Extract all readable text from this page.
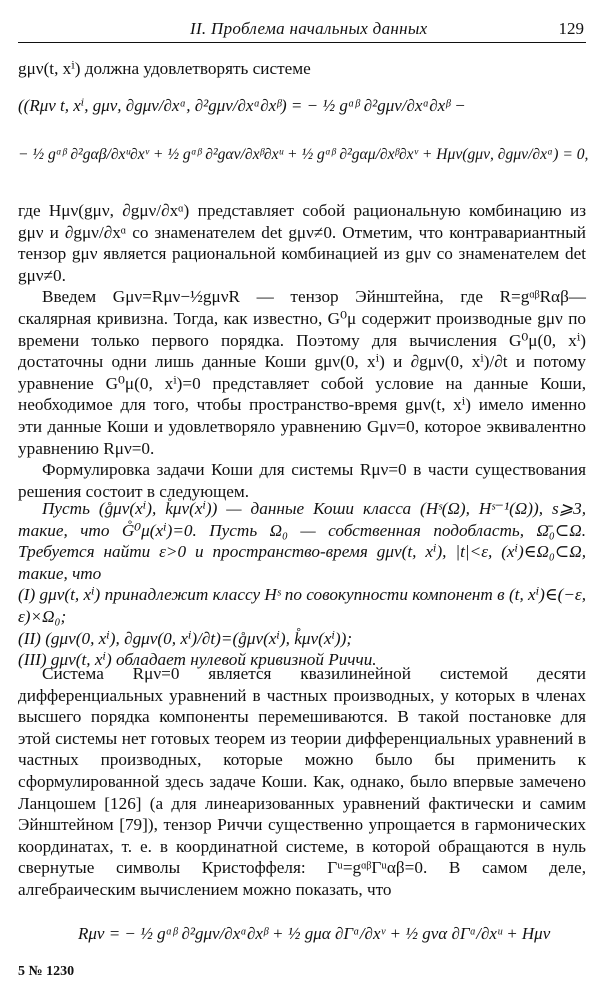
II. Проблема начальных данных	129

gμν(t, xⁱ) должна удовлетворять системе

((Rμν t, xⁱ, gμν, ∂gμν/∂xᵅ, ∂²gμν/∂xᵅ∂xᵝ) = − ½ gᵅᵝ ∂²gμν/∂xᵅ∂xᵝ −
− ½ gᵅᵝ ∂²gαβ/∂xᵘ∂xᵛ + ½ gᵅᵝ ∂²gαν/∂xᵝ∂xᵘ + ½ gᵅᵝ ∂²gαμ/∂xᵝ∂xᵛ + Hμν(gμν, ∂gμν/∂xᵅ) = 0,

где Hμν(gμν, ∂gμν/∂xᵅ) представляет собой рациональную комбинацию из gμν и ∂gμν/∂xᵅ со знаменателем det gμν≠0. Отметим, что контравариантный тензор gμν является рациональной комбинацией из gμν со знаменателем det gμν≠0.

Введем Gμν=Rμν−½gμνR — тензор Эйнштейна, где R=gᵅᵝRαβ— скалярная кривизна. Тогда, как известно, G⁰μ содержит производные gμν по времени только первого порядка. Поэтому для вычисления G⁰μ(0, xⁱ) достаточны одни лишь данные Коши gμν(0, xⁱ) и ∂gμν(0, xⁱ)/∂t и потому уравнение G⁰μ(0, xⁱ)=0 представляет собой условие на данные Коши, необходимое для того, чтобы пространство-время gμν(t, xⁱ) имело именно эти данные Коши и удовлетворяло уравнению Gμν=0, которое эквивалентно уравнению Rμν=0.

Формулировка задачи Коши для системы Rμν=0 в части существования решения состоит в следующем.

Пусть (g̊μν(xⁱ), k̊μν(xⁱ)) — данные Коши класса (Hˢ(Ω), Hˢ⁻¹(Ω)), s⩾3, такие, что G̊⁰μ(xⁱ)=0. Пусть Ω₀ — собственная подобласть, Ω̄₀⊂Ω. Требуется найти ε>0 и пространство-время gμν(t, xⁱ), |t|<ε, (xⁱ)∈Ω₀⊂Ω, такие, что

(I) gμν(t, xⁱ) принадлежит классу Hˢ по совокупности компонент в (t, xⁱ)∈(−ε, ε)×Ω₀;

(II) (gμν(0, xⁱ), ∂gμν(0, xⁱ)/∂t)=(g̊μν(xⁱ), k̊μν(xⁱ));

(III) gμν(t, xⁱ) обладает нулевой кривизной Риччи.

Система Rμν=0 является квазилинейной системой десяти дифференциальных уравнений в частных производных, у которых в членах высшего порядка компоненты перемешиваются. В такой постановке для этой системы нет готовых теорем из теории дифференциальных уравнений в частных производных, которые можно было бы применить к сформулированной здесь задаче Коши. Как, однако, было впервые замечено Ланцошем [126] (а для линеаризованных уравнений фактически и самим Эйнштейном [79]), тензор Риччи существенно упрощается в гармонических координатах, т. е. в координатной системе, в которой обращаются в нуль свернутые символы Кристоффеля: Γᵘ=gᵅᵝΓᵘαβ=0. В самом деле, алгебраическим вычислением можно показать, что

Rμν = − ½ gᵅᵝ ∂²gμν/∂xᵅ∂xᵝ + ½ gμα ∂Γᵅ/∂xᵛ + ½ gνα ∂Γᵅ/∂xᵘ + Hμν
5 № 1230
